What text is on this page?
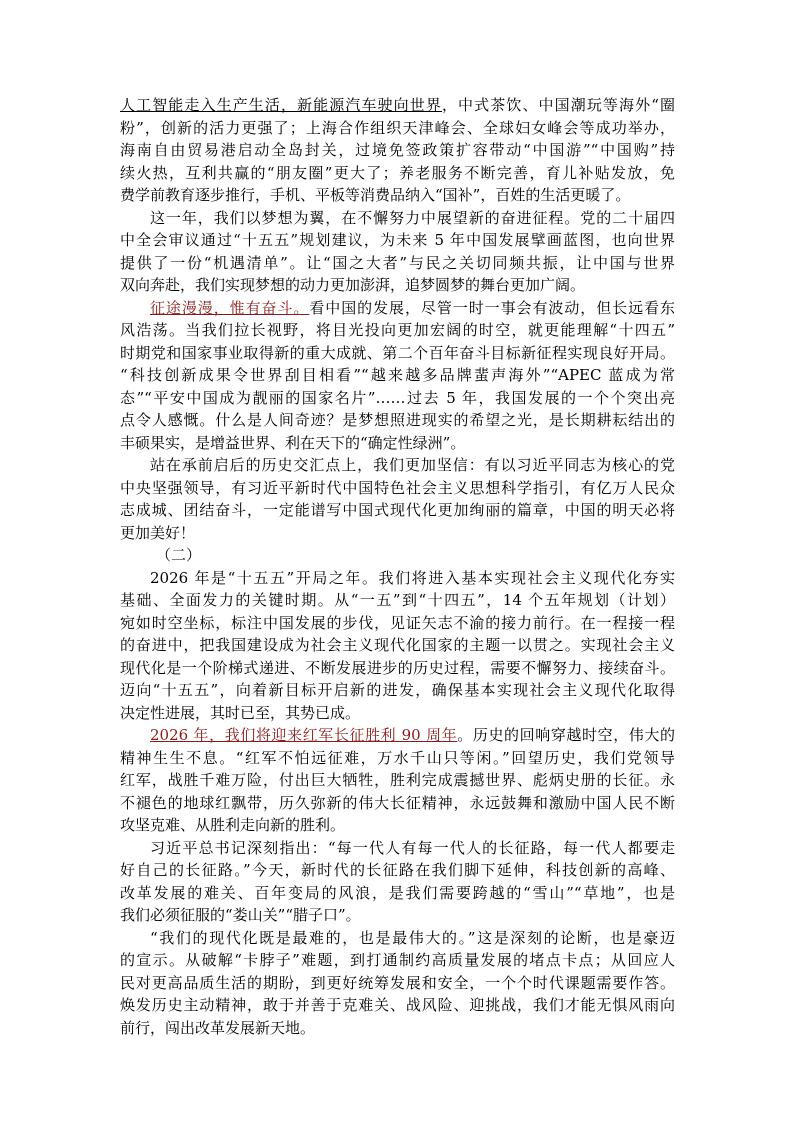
人工智能走入生产生活，新能源汽车驶向世界，中式茶饮、中国潮玩等海外“圈
粉”，创新的活力更强了；上海合作组织天津峰会、全球妇女峰会等成功举办，
海南自由贸易港启动全岛封关，过境免签政策扩容带动“中国游”“中国购”持
续火热，互利共赢的“朋友圈”更大了；养老服务不断完善，育儿补贴发放，免
费学前教育逐步推行，手机、平板等消费品纳入“国补”，百姓的生活更暖了。
这一年，我们以梦想为翼，在不懈努力中展望新的奋进征程。党的二十届四
中全会审议通过“十五五”规划建议，为未来 5 年中国发展擘画蓝图，也向世界
提供了一份“机遇清单”。让“国之大者”与民之关切同频共振，让中国与世界
双向奔赴，我们实现梦想的动力更加澎湃，追梦圆梦的舞台更加广阔。
征途漫漫，惟有奋斗。看中国的发展，尽管一时一事会有波动，但长远看东
风浩荡。当我们拉长视野，将目光投向更加宏阔的时空，就更能理解“十四五”
时期党和国家事业取得新的重大成就、第二个百年奋斗目标新征程实现良好开局。
“科技创新成果令世界刮目相看”“越来越多品牌蜚声海外”“APEC 蓝成为常
态”“平安中国成为靓丽的国家名片”……过去 5 年，我国发展的一个个突出亮
点令人感慨。什么是人间奇迹？是梦想照进现实的希望之光，是长期耕耘结出的
丰硕果实，是增益世界、利在天下的“确定性绿洲”。
站在承前启后的历史交汇点上，我们更加坚信：有以习近平同志为核心的党
中央坚强领导，有习近平新时代中国特色社会主义思想科学指引，有亿万人民众
志成城、团结奋斗，一定能谱写中国式现代化更加绚丽的篇章，中国的明天必将
更加美好！
（二）
2026 年是“十五五”开局之年。我们将进入基本实现社会主义现代化夯实
基础、全面发力的关键时期。从“一五”到“十四五”，14 个五年规划（计划）
宛如时空坐标，标注中国发展的步伐，见证矢志不渝的接力前行。在一程接一程
的奋进中，把我国建设成为社会主义现代化国家的主题一以贯之。实现社会主义
现代化是一个阶梯式递进、不断发展进步的历史过程，需要不懈努力、接续奋斗。
迈向“十五五”，向着新目标开启新的进发，确保基本实现社会主义现代化取得
决定性进展，其时已至，其势已成。
2026 年，我们将迎来红军长征胜利 90 周年。历史的回响穿越时空，伟大的
精神生生不息。“红军不怕远征难，万水千山只等闲。”回望历史，我们党领导
红军，战胜千难万险，付出巨大牺牲，胜利完成震撼世界、彪炳史册的长征。永
不褪色的地球红飘带，历久弥新的伟大长征精神，永远鼓舞和激励中国人民不断
攻坚克难、从胜利走向新的胜利。
习近平总书记深刻指出：“每一代人有每一代人的长征路，每一代人都要走
好自己的长征路。”今天，新时代的长征路在我们脚下延伸，科技创新的高峰、
改革发展的难关、百年变局的风浪，是我们需要跨越的“雪山”“草地”，也是
我们必须征服的“娄山关”“腊子口”。
“我们的现代化既是最难的，也是最伟大的。”这是深刻的论断，也是豪迈
的宣示。从破解“卡脖子”难题，到打通制约高质量发展的堵点卡点；从回应人
民对更高品质生活的期盼，到更好统筹发展和安全，一个个时代课题需要作答。
焕发历史主动精神，敢于并善于克难关、战风险、迎挑战，我们才能无惧风雨向
前行，闯出改革发展新天地。
